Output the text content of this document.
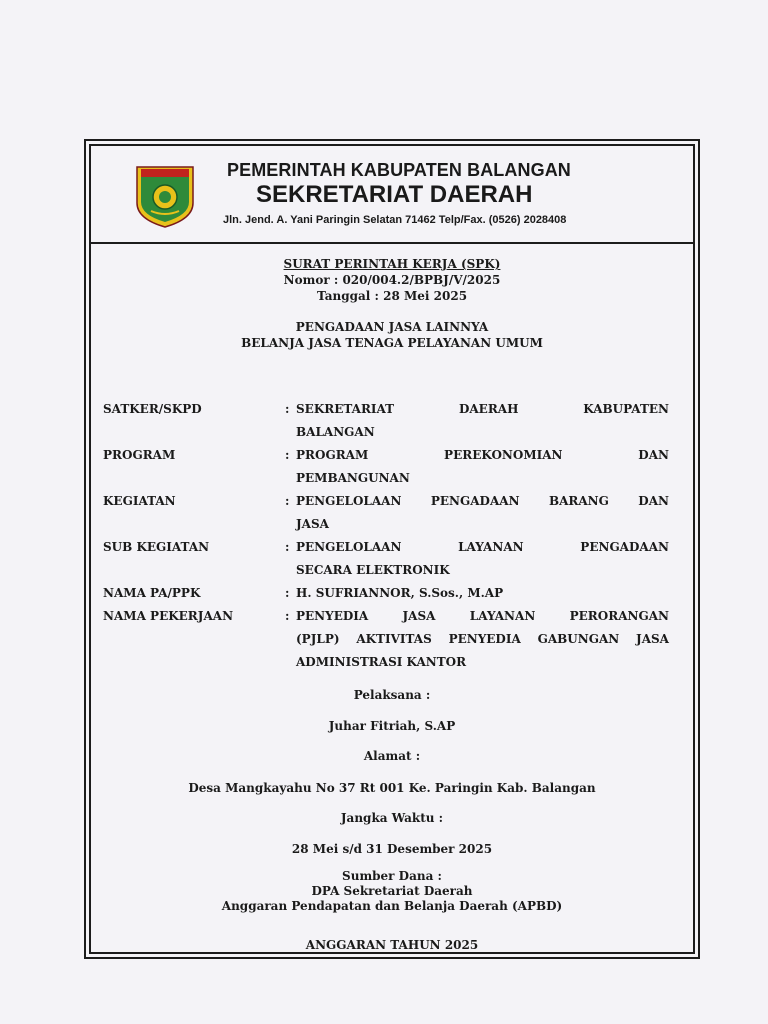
PEMERINTAH KABUPATEN BALANGAN
SEKRETARIAT DAERAH
Jln. Jend. A. Yani Paringin Selatan 71462 Telp/Fax. (0526) 2028408
SURAT PERINTAH KERJA (SPK)
Nomor : 020/004.2/BPBJ/V/2025
Tanggal : 28 Mei 2025
PENGADAAN JASA LAINNYA
BELANJA JASA TENAGA PELAYANAN UMUM
SATKER/SKPD	: SEKRETARIAT DAERAH KABUPATEN
BALANGAN
PROGRAM	: PROGRAM PEREKONOMIAN DAN
PEMBANGUNAN
KEGIATAN	: PENGELOLAAN PENGADAAN BARANG DAN
JASA
SUB KEGIATAN	: PENGELOLAAN LAYANAN PENGADAAN
SECARA ELEKTRONIK
NAMA PA/PPK	: H. SUFRIANNOR, S.Sos., M.AP
NAMA PEKERJAAN	: PENYEDIA JASA LAYANAN PERORANGAN
(PJLP) AKTIVITAS PENYEDIA GABUNGAN JASA
ADMINISTRASI KANTOR
Pelaksana :
Juhar Fitriah, S.AP
Alamat :
Desa Mangkayahu No 37 Rt 001 Ke. Paringin Kab. Balangan
Jangka Waktu :
28 Mei s/d 31 Desember 2025
Sumber Dana :
DPA Sekretariat Daerah
Anggaran Pendapatan dan Belanja Daerah (APBD)
ANGGARAN TAHUN 2025
